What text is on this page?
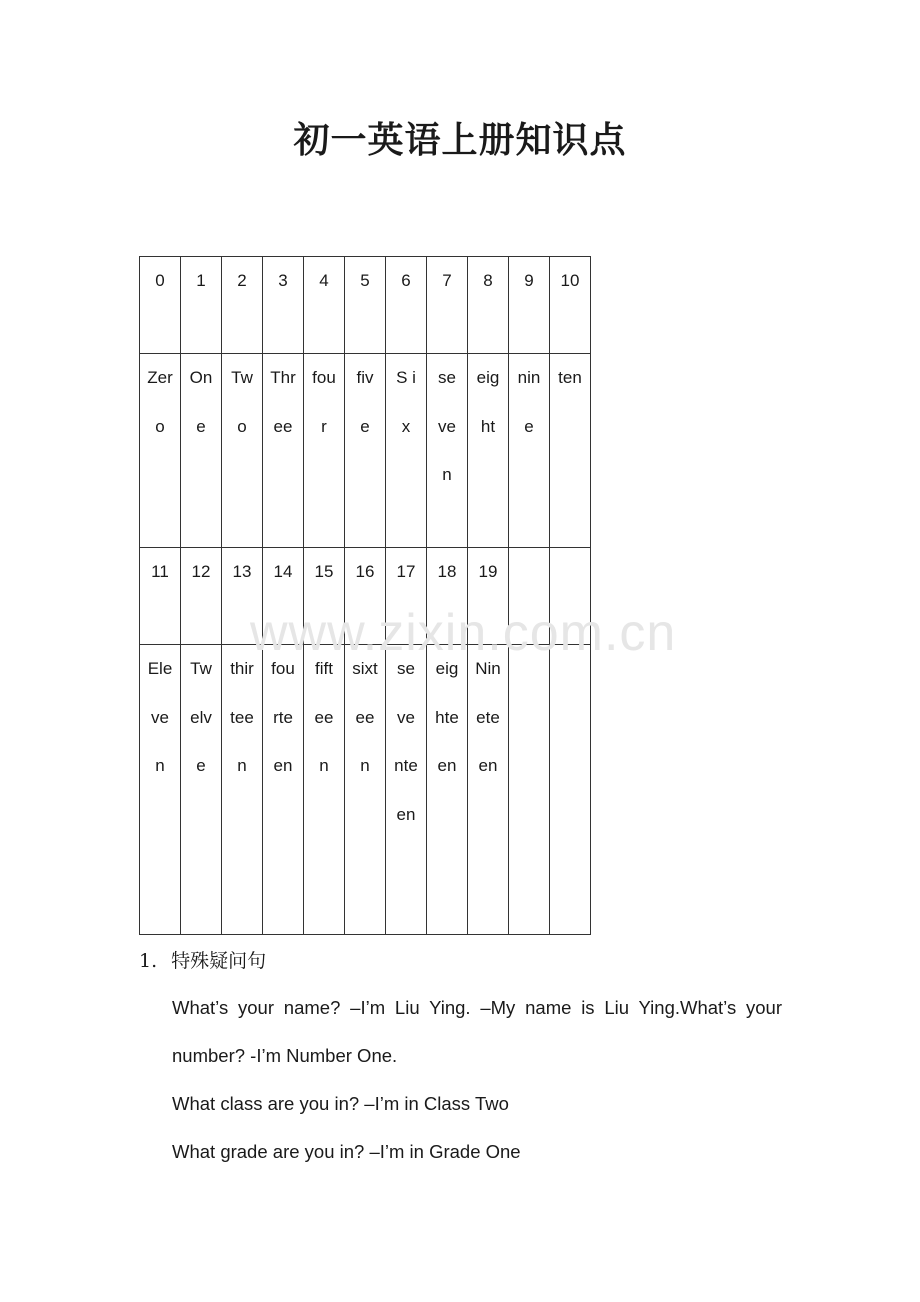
初一英语上册知识点
0	1	2	3	4	5	6	7	8	9	10

Zero	One	Two	Three	four	five	S i x	seven	eight	nine	ten

11	12	13	14	15	16	17	18	19		

Eleven	Twelve	thirteen	fourteen	fifteen	sixteen	seventeen	eighteen	Nineteen		

www.zixin.com.cn
1. 特殊疑问句
What’s your name? –I’m Liu Ying. –My name is Liu Ying.What’s your number? -I’m Number One.
What class are you in? –I’m in Class Two
What grade are you in? –I’m in Grade One
